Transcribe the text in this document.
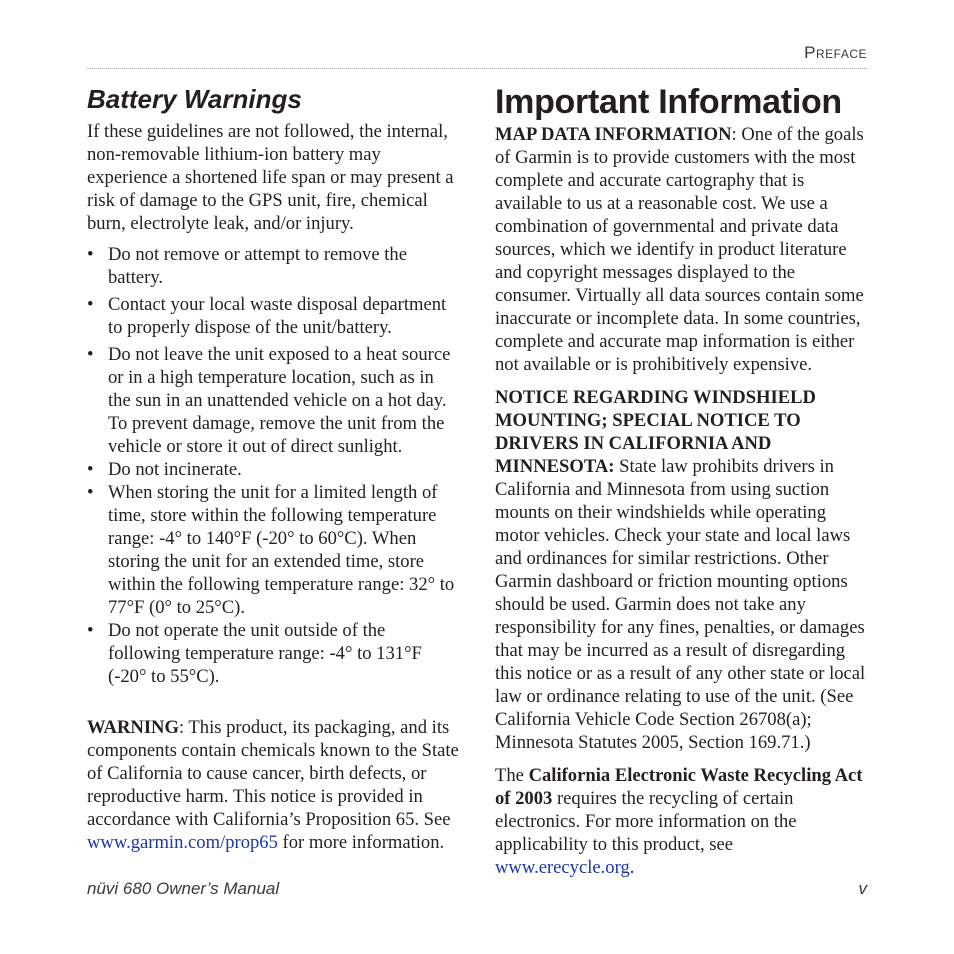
Preface
Battery Warnings

If these guidelines are not followed, the internal, non-removable lithium-ion battery may experience a shortened life span or may present a risk of damage to the GPS unit, fire, chemical burn, electrolyte leak, and/or injury.

• Do not remove or attempt to remove the battery.
• Contact your local waste disposal department to properly dispose of the unit/battery.
• Do not leave the unit exposed to a heat source or in a high temperature location, such as in the sun in an unattended vehicle on a hot day. To prevent damage, remove the unit from the vehicle or store it out of direct sunlight.
• Do not incinerate.
• When storing the unit for a limited length of time, store within the following temperature range: -4° to 140°F (-20° to 60°C). When storing the unit for an extended time, store within the following temperature range: 32° to 77°F (0° to 25°C).
• Do not operate the unit outside of the following temperature range: -4° to 131°F (-20° to 55°C).

WARNING: This product, its packaging, and its components contain chemicals known to the State of California to cause cancer, birth defects, or reproductive harm. This notice is provided in accordance with California’s Proposition 65. See www.garmin.com/prop65 for more information.

Important Information

MAP DATA INFORMATION: One of the goals of Garmin is to provide customers with the most complete and accurate cartography that is available to us at a reasonable cost. We use a combination of governmental and private data sources, which we identify in product literature and copyright messages displayed to the consumer. Virtually all data sources contain some inaccurate or incomplete data. In some countries, complete and accurate map information is either not available or is prohibitively expensive.

NOTICE REGARDING WINDSHIELD MOUNTING; SPECIAL NOTICE TO DRIVERS IN CALIFORNIA AND MINNESOTA: State law prohibits drivers in California and Minnesota from using suction mounts on their windshields while operating motor vehicles. Check your state and local laws and ordinances for similar restrictions. Other Garmin dashboard or friction mounting options should be used. Garmin does not take any responsibility for any fines, penalties, or damages that may be incurred as a result of disregarding this notice or as a result of any other state or local law or ordinance relating to use of the unit. (See California Vehicle Code Section 26708(a); Minnesota Statutes 2005, Section 169.71.)

The California Electronic Waste Recycling Act of 2003 requires the recycling of certain electronics. For more information on the applicability to this product, see www.erecycle.org.

nüvi 680 Owner’s Manual	v
